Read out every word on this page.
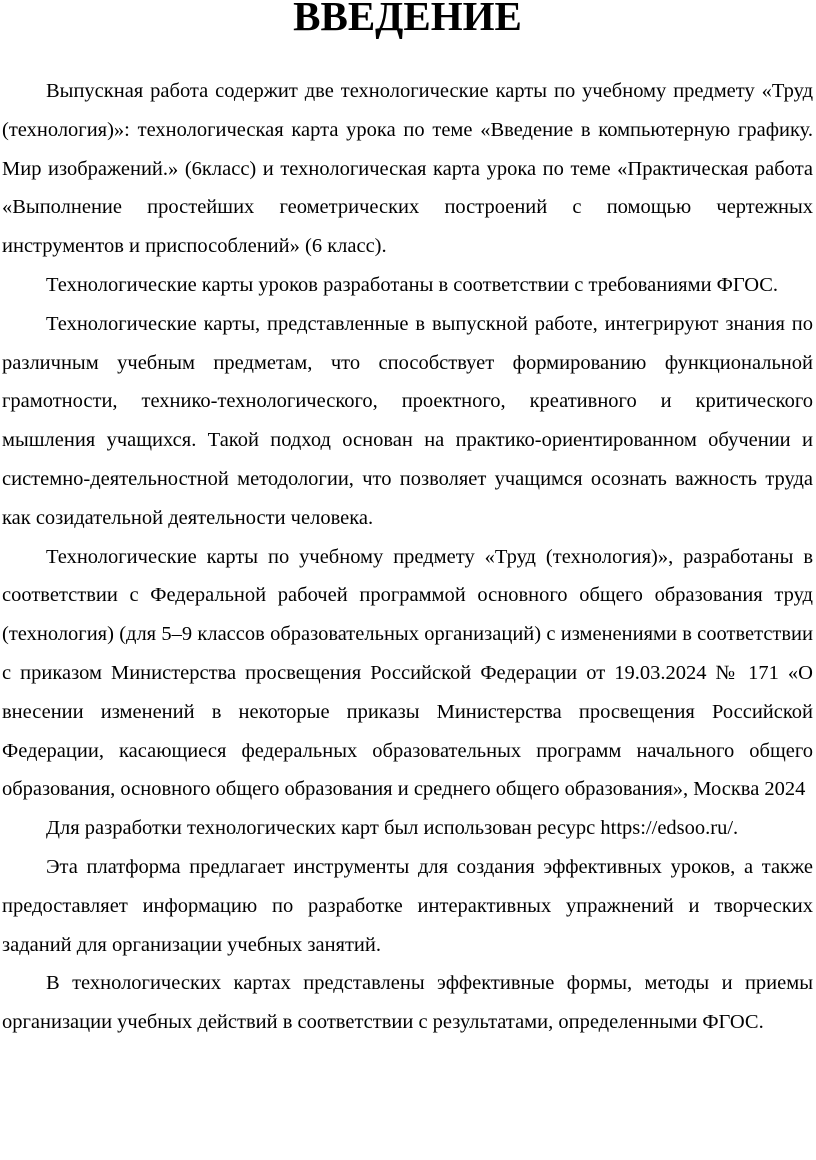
ВВЕДЕНИЕ

Выпускная работа содержит две технологические карты по учебному предмету «Труд (технология)»: технологическая карта урока по теме «Введение в компьютерную графику. Мир изображений.» (6класс) и технологическая карта урока по теме «Практическая работа «Выполнение простейших геометрических построений с помощью чертежных инструментов и приспособлений» (6 класс).

Технологические карты уроков разработаны в соответствии с требованиями ФГОС.

Технологические карты, представленные в выпускной работе, интегрируют знания по различным учебным предметам, что способствует формированию функциональной грамотности, технико-технологического, проектного, креативного и критического мышления учащихся. Такой подход основан на практико-ориентированном обучении и системно-деятельностной методологии, что позволяет учащимся осознать важность труда как созидательной деятельности человека.

Технологические карты по учебному предмету «Труд (технология)», разработаны в соответствии с Федеральной рабочей программой основного общего образования труд (технология) (для 5–9 классов образовательных организаций) с изменениями в соответствии с приказом Министерства просвещения Российской Федерации от 19.03.2024 № 171 «О внесении изменений в некоторые приказы Министерства просвещения Российской Федерации, касающиеся федеральных образовательных программ начального общего образования, основного общего образования и среднего общего образования», Москва 2024

Для разработки технологических карт был использован ресурс https://edsoo.ru/.

Эта платформа предлагает инструменты для создания эффективных уроков, а также предоставляет информацию по разработке интерактивных упражнений и творческих заданий для организации учебных занятий.

В технологических картах представлены эффективные формы, методы и приемы организации учебных действий в соответствии с результатами, определенными ФГОС.
